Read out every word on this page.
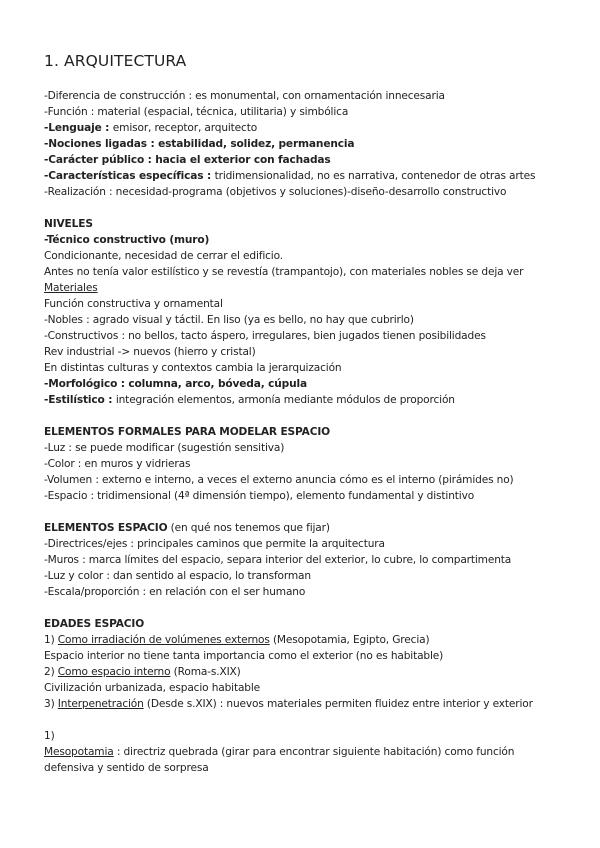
1. ARQUITECTURA
-Diferencia de construcción : es monumental, con ornamentación innecesaria
-Función : material (espacial, técnica, utilitaria) y simbólica
-Lenguaje : emisor, receptor, arquitecto
-Nociones ligadas : estabilidad, solidez, permanencia
-Carácter público : hacia el exterior con fachadas
-Características específicas : tridimensionalidad, no es narrativa, contenedor de otras artes
-Realización : necesidad-programa (objetivos y soluciones)-diseño-desarrollo constructivo
NIVELES
-Técnico constructivo (muro)
Condicionante, necesidad de cerrar el edificio.
Antes no tenía valor estilístico y se revestía (trampantojo), con materiales nobles se deja ver
Materiales
Función constructiva y ornamental
-Nobles : agrado visual y táctil. En liso (ya es bello, no hay que cubrirlo)
-Constructivos : no bellos, tacto áspero, irregulares, bien jugados tienen posibilidades
Rev industrial -> nuevos (hierro y cristal)
En distintas culturas y contextos cambia la jerarquización
-Morfológico : columna, arco, bóveda, cúpula
-Estilístico : integración elementos, armonía mediante módulos de proporción
ELEMENTOS FORMALES PARA MODELAR ESPACIO
-Luz : se puede modificar (sugestión sensitiva)
-Color : en muros y vidrieras
-Volumen : externo e interno, a veces el externo anuncia cómo es el interno (pirámides no)
-Espacio : tridimensional (4ª dimensión tiempo), elemento fundamental y distintivo
ELEMENTOS ESPACIO (en qué nos tenemos que fijar)
-Directrices/ejes : principales caminos que permite la arquitectura
-Muros : marca límites del espacio, separa interior del exterior, lo cubre, lo compartimenta
-Luz y color : dan sentido al espacio, lo transforman
-Escala/proporción : en relación con el ser humano
EDADES ESPACIO
1) Como irradiación de volúmenes externos (Mesopotamia, Egipto, Grecia)
Espacio interior no tiene tanta importancia como el exterior (no es habitable)
2) Como espacio interno (Roma-s.XIX)
Civilización urbanizada, espacio habitable
3) Interpenetración (Desde s.XIX) : nuevos materiales permiten fluidez entre interior y exterior
1)
Mesopotamia : directriz quebrada (girar para encontrar siguiente habitación) como función
defensiva y sentido de sorpresa
